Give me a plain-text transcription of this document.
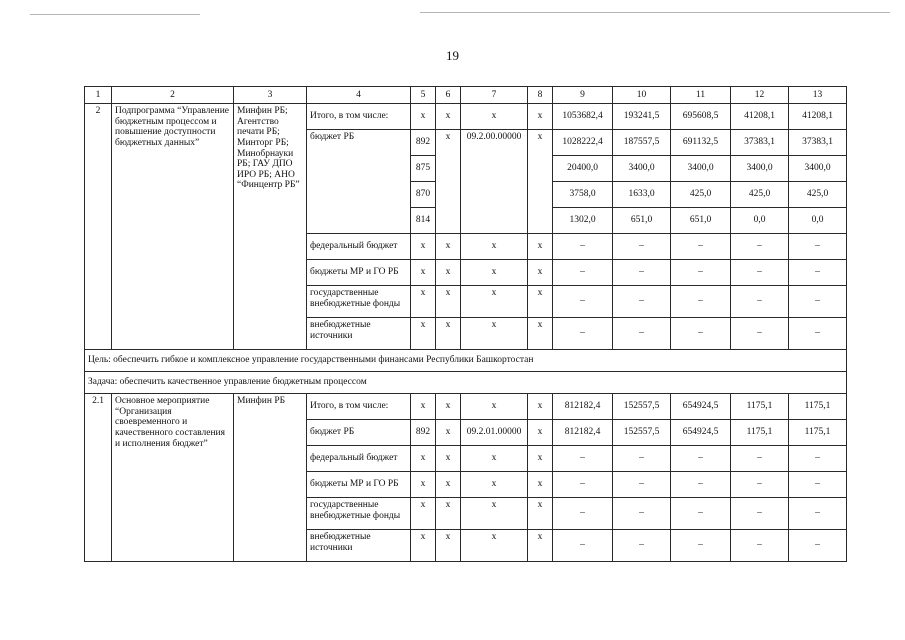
19
1	2	3	4	5	6	7	8	9	10	11	12	13
2	Подпрограмма “Управление бюджетным процессом и повышение доступности бюджетных данных”	Минфин РБ; Агентство печати РБ; Минторг РБ; Минобрнауки РБ; ГАУ ДПО ИРО РБ; АНО “Финцентр РБ”	Итого, в том числе:	x	x	x	x	1053682,4	193241,5	695608,5	41208,1	41208,1
			бюджет РБ	892	x	09.2.00.00000	x	1028222,4	187557,5	691132,5	37383,1	37383,1
				875				20400,0	3400,0	3400,0	3400,0	3400,0
				870				3758,0	1633,0	425,0	425,0	425,0
				814				1302,0	651,0	651,0	0,0	0,0
			федеральный бюджет	x	x	x	x	–	–	–	–	–
			бюджеты МР и ГО РБ	x	x	x	x	–	–	–	–	–
			государственные внебюджетные фонды	x	x	x	x	–	–	–	–	–
			внебюджетные источники	x	x	x	x	–	–	–	–	–
Цель: обеспечить гибкое и комплексное управление государственными финансами Республики Башкортостан												
Задача: обеспечить качественное управление бюджетным процессом												
2.1	Основное мероприятие “Организация своевременного и качественного составления и исполнения бюджет”	Минфин РБ	Итого, в том числе:	x	x	x	x	812182,4	152557,5	654924,5	1175,1	1175,1
			бюджет РБ	892	x	09.2.01.00000	x	812182,4	152557,5	654924,5	1175,1	1175,1
			федеральный бюджет	x	x	x	x	–	–	–	–	–
			бюджеты МР и ГО РБ	x	x	x	x	–	–	–	–	–
			государственные внебюджетные фонды	x	x	x	x	–	–	–	–	–
			внебюджетные источники	x	x	x	x	–	–	–	–	–
